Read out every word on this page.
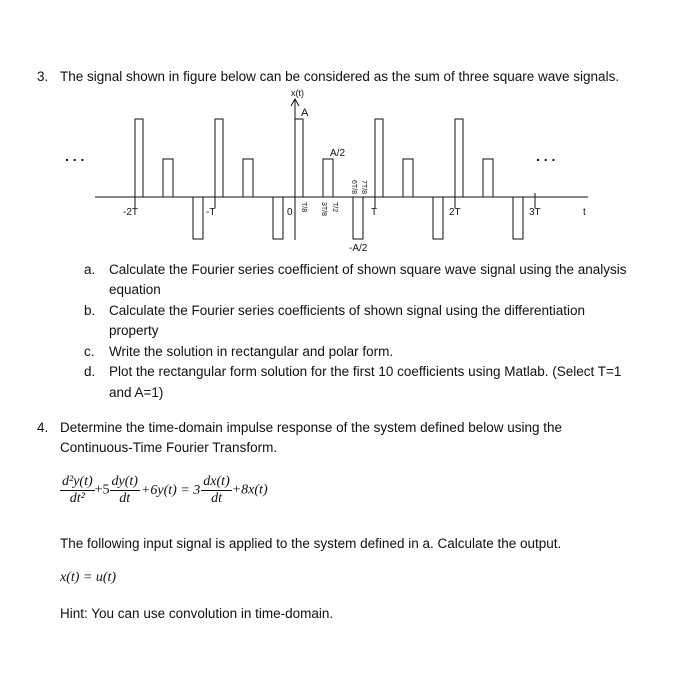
3. The signal shown in figure below can be considered as the sum of three square wave signals.
x(t)
A
A/2
-A/2
. . .	. . .
0
-2T	-T	T	2T	3T	t
T/8 3T/8 T/2
6T/8 7T/8
a. Calculate the Fourier series coefficient of shown square wave signal using the analysis
equation
b. Calculate the Fourier series coefficients of shown signal using the differentiation
property
c. Write the solution in rectangular and polar form.
d. Plot the rectangular form solution for the first 10 coefficients using Matlab. (Select T=1
and A=1)
4. Determine the time-domain impulse response of the system defined below using the
Continuous-Time Fourier Transform.
$\frac{\text{d²y(t)}}{\text{dt²}} +5 \frac{dy(t)}{dt} +6y(t) = 3 \frac{dx(t)}{dt} +8x(t)$
The following input signal is applied to the system defined in a. Calculate the output.
x(t) = u(t)
Hint: You can use convolution in time-domain.
